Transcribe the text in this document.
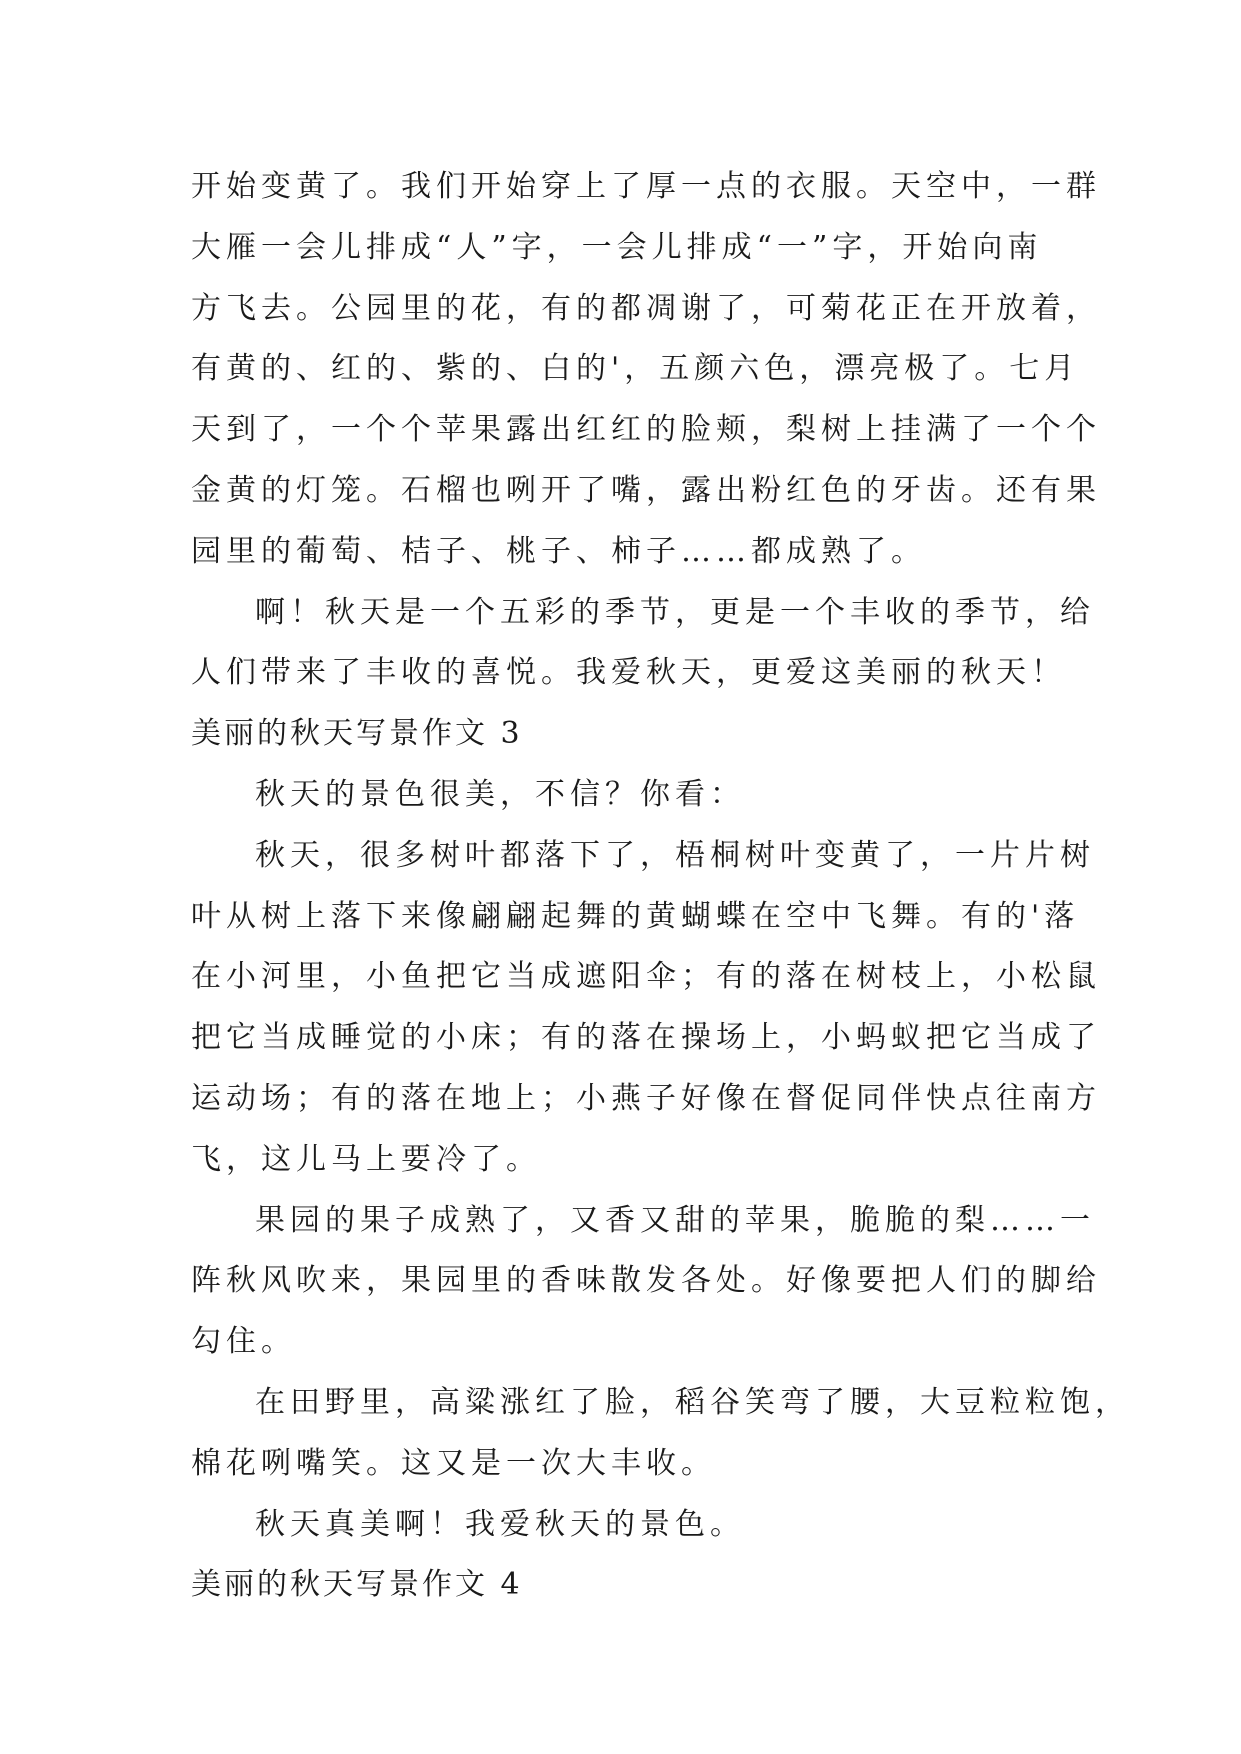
开始变黄了。我们开始穿上了厚一点的衣服。天空中，一群
大雁一会儿排成“人”字，一会儿排成“一”字，开始向南
方飞去。公园里的花，有的都凋谢了，可菊花正在开放着，
有黄的、红的、紫的、白的'，五颜六色，漂亮极了。七月
天到了，一个个苹果露出红红的脸颊，梨树上挂满了一个个
金黄的灯笼。石榴也咧开了嘴，露出粉红色的牙齿。还有果
园里的葡萄、桔子、桃子、柿子……都成熟了。
啊！秋天是一个五彩的季节，更是一个丰收的季节，给
人们带来了丰收的喜悦。我爱秋天，更爱这美丽的秋天！
美丽的秋天写景作文 3
秋天的景色很美，不信？你看：
秋天，很多树叶都落下了，梧桐树叶变黄了，一片片树
叶从树上落下来像翩翩起舞的黄蝴蝶在空中飞舞。有的'落
在小河里，小鱼把它当成遮阳伞；有的落在树枝上，小松鼠
把它当成睡觉的小床；有的落在操场上，小蚂蚁把它当成了
运动场；有的落在地上；小燕子好像在督促同伴快点往南方
飞，这儿马上要冷了。
果园的果子成熟了，又香又甜的苹果，脆脆的梨……一
阵秋风吹来，果园里的香味散发各处。好像要把人们的脚给
勾住。
在田野里，高粱涨红了脸，稻谷笑弯了腰，大豆粒粒饱，
棉花咧嘴笑。这又是一次大丰收。
秋天真美啊！我爱秋天的景色。
美丽的秋天写景作文 4
